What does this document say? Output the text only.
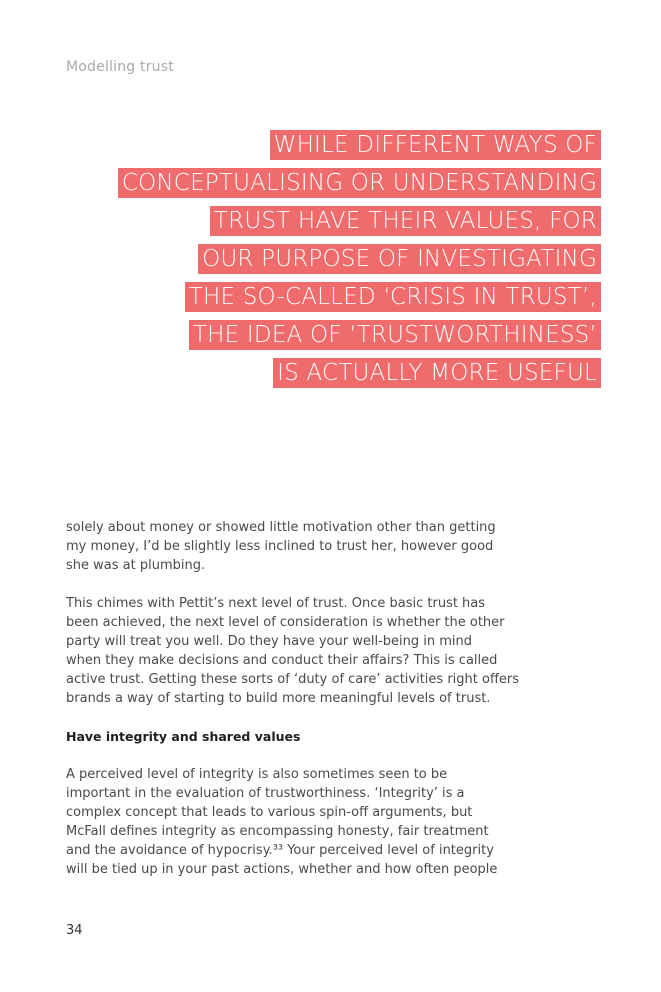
Modelling trust
WHILE DIFFERENT WAYS OF
CONCEPTUALISING OR UNDERSTANDING
TRUST HAVE THEIR VALUES, FOR
OUR PURPOSE OF INVESTIGATING
THE SO-CALLED ‘CRISIS IN TRUST’,
THE IDEA OF ‘TRUSTWORTHINESS’
IS ACTUALLY MORE USEFUL
solely about money or showed little motivation other than getting
my money, I’d be slightly less inclined to trust her, however good
she was at plumbing.
This chimes with Pettit’s next level of trust. Once basic trust has
been achieved, the next level of consideration is whether the other
party will treat you well. Do they have your well-being in mind
when they make decisions and conduct their affairs? This is called
active trust. Getting these sorts of ‘duty of care’ activities right offers
brands a way of starting to build more meaningful levels of trust.
Have integrity and shared values
A perceived level of integrity is also sometimes seen to be
important in the evaluation of trustworthiness. ‘Integrity’ is a
complex concept that leads to various spin-off arguments, but
McFall defines integrity as encompassing honesty, fair treatment
and the avoidance of hypocrisy.³³ Your perceived level of integrity
will be tied up in your past actions, whether and how often people
34
